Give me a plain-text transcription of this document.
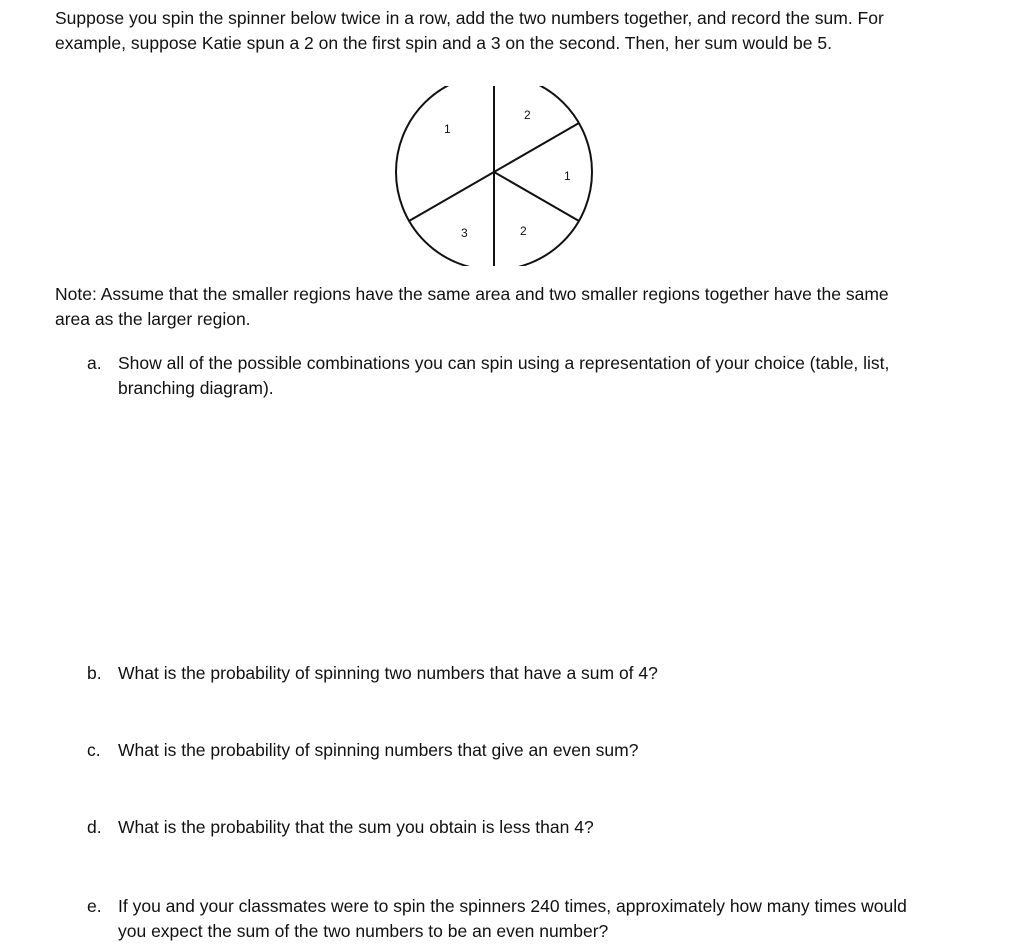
Suppose you spin the spinner below twice in a row, add the two numbers together, and record the sum. For
example, suppose Katie spun a 2 on the first spin and a 3 on the second. Then, her sum would be 5.

1
2
1
2
3

Note: Assume that the smaller regions have the same area and two smaller regions together have the same
area as the larger region.

a. Show all of the possible combinations you can spin using a representation of your choice (table, list,
branching diagram).
b. What is the probability of spinning two numbers that have a sum of 4?
c. What is the probability of spinning numbers that give an even sum?
d. What is the probability that the sum you obtain is less than 4?
e. If you and your classmates were to spin the spinners 240 times, approximately how many times would
you expect the sum of the two numbers to be an even number?
